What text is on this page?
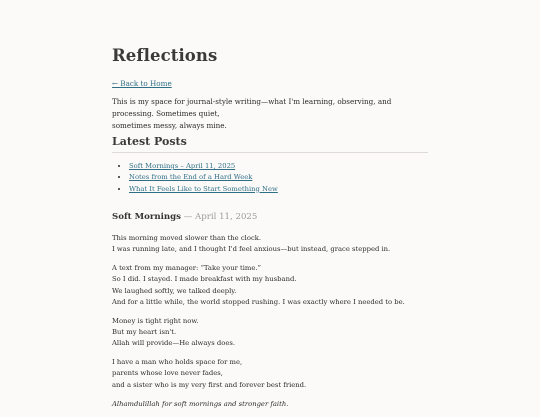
Reflections
← Back to Home

This is my space for journal-style writing—what I'm learning, observing, and processing. Sometimes quiet,
sometimes messy, always mine.

Latest Posts
• Soft Mornings – April 11, 2025
• Notes from the End of a Hard Week
• What It Feels Like to Start Something New

Soft Mornings — April 11, 2025

This morning moved slower than the clock.
I was running late, and I thought I'd feel anxious—but instead, grace stepped in.

A text from my manager: “Take your time.”
So I did. I stayed. I made breakfast with my husband.
We laughed softly, we talked deeply.
And for a little while, the world stopped rushing. I was exactly where I needed to be.

Money is tight right now.
But my heart isn't.
Allah will provide—He always does.

I have a man who holds space for me,
parents whose love never fades,
and a sister who is my very first and forever best friend.

Alhamdulillah for soft mornings and stronger faith.
